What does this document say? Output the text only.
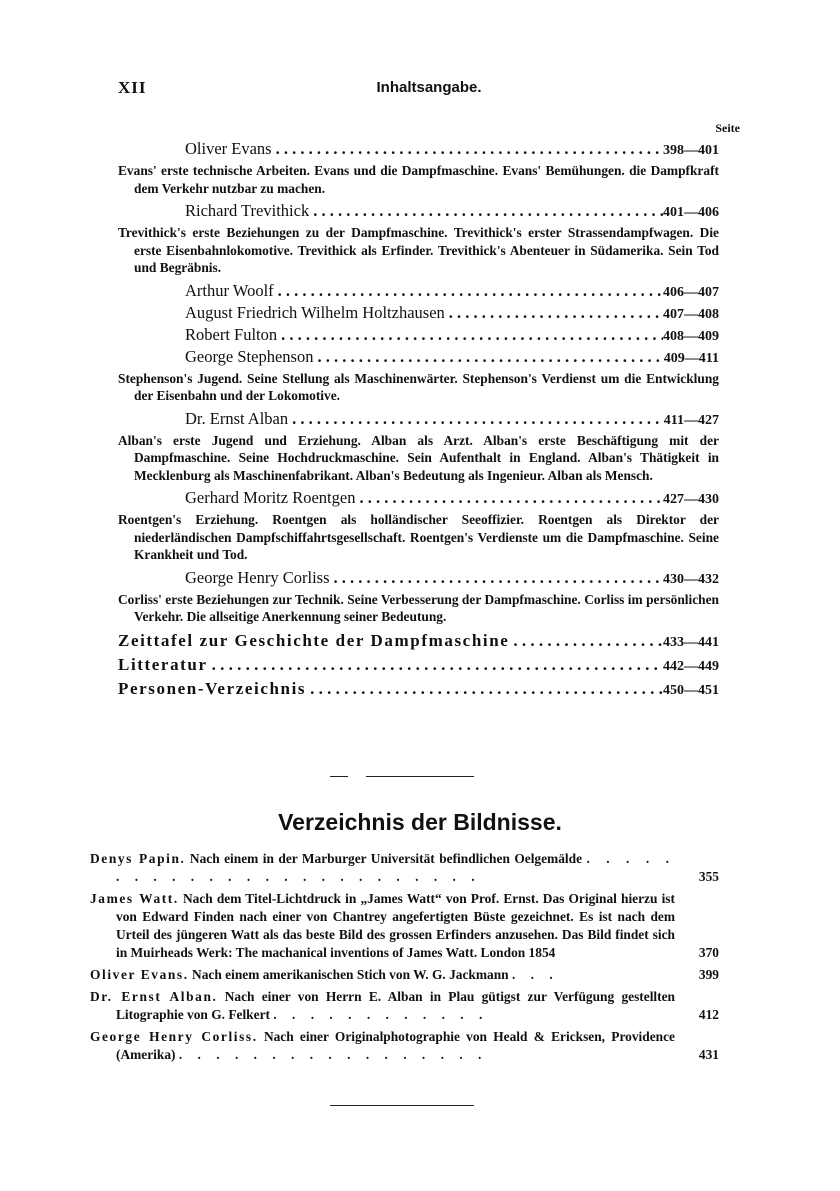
XII	Inhaltsangabe.
Seite
Oliver Evans . . .	398—401
Evans' erste technische Arbeiten. Evans und die Dampfmaschine. Evans' Bemühungen. die Dampfkraft dem Verkehr nutzbar zu machen.
Richard Trevithick . . .	401—406
Trevithick's erste Beziehungen zu der Dampfmaschine. Trevithick's erster Strassendampfwagen. Die erste Eisenbahnlokomotive. Trevithick als Erfinder. Trevithick's Abenteuer in Südamerika. Sein Tod und Begräbnis.
Arthur Woolf . . .	406—407
August Friedrich Wilhelm Holtzhausen . . .	407—408
Robert Fulton . . .	408—409
George Stephenson . . .	409—411
Stephenson's Jugend. Seine Stellung als Maschinenwärter. Stephenson's Verdienst um die Entwicklung der Eisenbahn und der Lokomotive.
Dr. Ernst Alban . . .	411—427
Alban's erste Jugend und Erziehung. Alban als Arzt. Alban's erste Beschäftigung mit der Dampfmaschine. Seine Hochdruckmaschine. Sein Aufenthalt in England. Alban's Thätigkeit in Mecklenburg als Maschinenfabrikant. Alban's Bedeutung als Ingenieur. Alban als Mensch.
Gerhard Moritz Roentgen . . .	427—430
Roentgen's Erziehung. Roentgen als holländischer Seeoffizier. Roentgen als Direktor der niederländischen Dampfschiffahrtsgesellschaft. Roentgen's Verdienste um die Dampfmaschine. Seine Krankheit und Tod.
George Henry Corliss . . .	430—432
Corliss' erste Beziehungen zur Technik. Seine Verbesserung der Dampfmaschine. Corliss im persönlichen Verkehr. Die allseitige Anerkennung seiner Bedeutung.
Zeittafel zur Geschichte der Dampfmaschine . . .	433—441
Litteratur . . .	442—449
Personen-Verzeichnis . . .	450—451
Verzeichnis der Bildnisse.
Denys Papin. Nach einem in der Marburger Universität befindlichen Oelgemälde . . . . . . . . . . . . . . . . . . . . . . . . .	355
James Watt. Nach dem Titel-Lichtdruck in „James Watt“ von Prof. Ernst. Das Original hierzu ist von Edward Finden nach einer von Chantrey angefertigten Büste gezeichnet. Es ist nach dem Urteil des jüngeren Watt als das beste Bild des grossen Erfinders anzusehen. Das Bild findet sich in Muirheads Werk: The machanical inventions of James Watt. London 1854	370
Oliver Evans. Nach einem amerikanischen Stich von W. G. Jackmann . . .	399
Dr. Ernst Alban. Nach einer von Herrn E. Alban in Plau gütigst zur Verfügung gestellten Litographie von G. Felkert . . . . . . . . . . . .	412
George Henry Corliss. Nach einer Originalphotographie von Heald & Ericksen, Providence (Amerika) . . . . . . . . . . . . . . . . .	431
